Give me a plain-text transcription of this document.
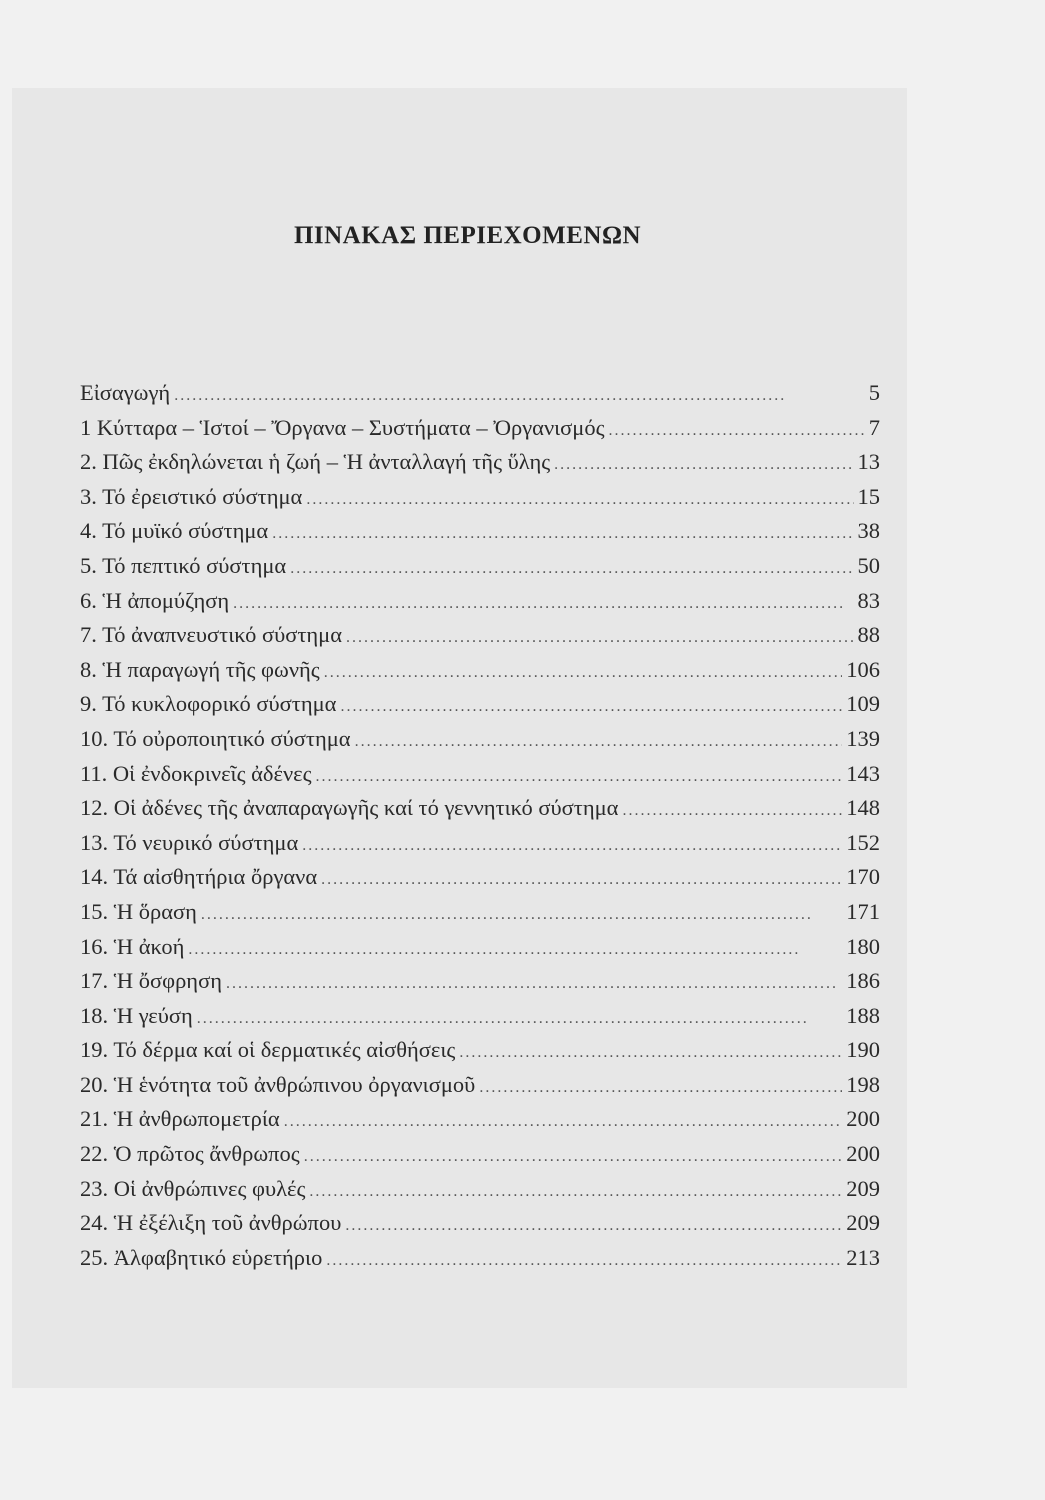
ΠΙΝΑΚΑΣ ΠΕΡΙΕΧΟΜΕΝΩΝ
Εἰσαγωγή . . .	5
1 Κύτταρα – Ἱστοί – Ὄργανα – Συστήματα – Ὀργανισμός . . .	7
2. Πῶς ἐκδηλώνεται ἡ ζωή – Ἡ ἀνταλλαγή τῆς ὕλης . . .	13
3. Τό ἐρειστικό σύστημα . . .	15
4. Τό μυϊκό σύστημα . . .	38
5. Τό πεπτικό σύστημα . . .	50
6. Ἡ ἀπομύζηση . . .	83
7. Τό ἀναπνευστικό σύστημα . . .	88
8. Ἡ παραγωγή τῆς φωνῆς . . .	106
9. Τό κυκλοφορικό σύστημα . . .	109
10. Τό οὐροποιητικό σύστημα . . .	139
11. Οἱ ἐνδοκρινεῖς ἀδένες . . .	143
12. Οἱ ἀδένες τῆς ἀναπαραγωγῆς καί τό γεννητικό σύστημα . . .	148
13. Τό νευρικό σύστημα . . .	152
14. Τά αἰσθητήρια ὄργανα . . .	170
15. Ἡ ὅραση . . .	171
16. Ἡ ἀκοή . . .	180
17. Ἡ ὄσφρηση . . .	186
18. Ἡ γεύση . . .	188
19. Τό δέρμα καί οἱ δερματικές αἰσθήσεις . . .	190
20. Ἡ ἑνότητα τοῦ ἀνθρώπινου ὀργανισμοῦ . . .	198
21. Ἡ ἀνθρωπομετρία . . .	200
22. Ὁ πρῶτος ἄνθρωπος . . .	200
23. Οἱ ἀνθρώπινες φυλές . . .	209
24. Ἡ ἐξέλιξη τοῦ ἀνθρώπου . . .	209
25. Ἀλφαβητικό εὑρετήριο . . .	213
